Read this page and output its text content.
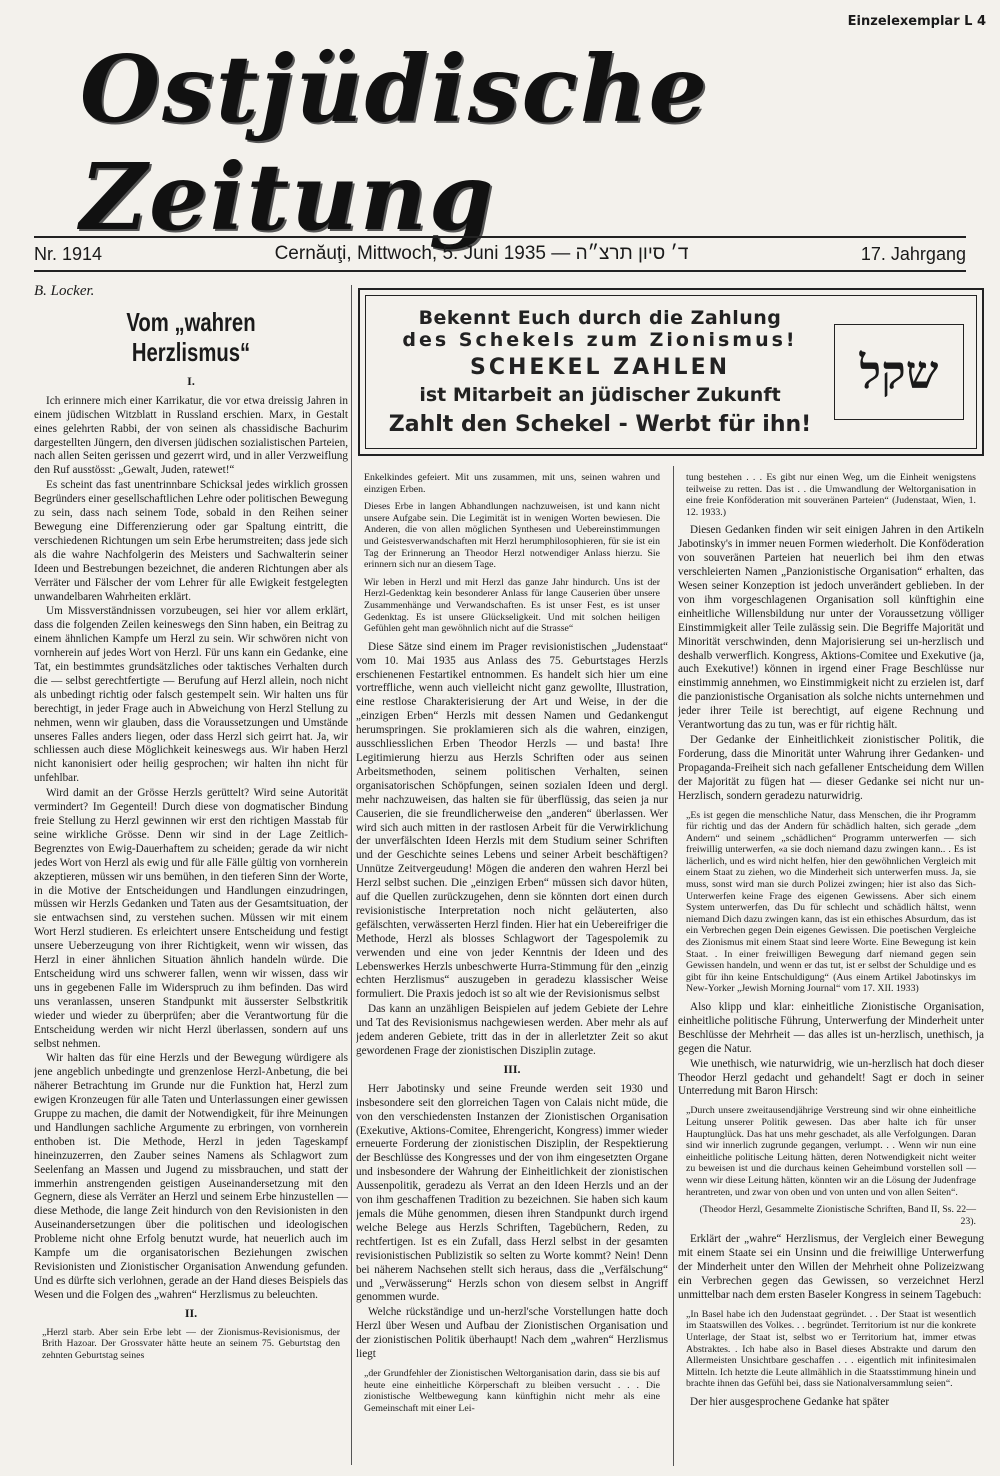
Einzelexemplar L 4
Ostjüdische Zeitung
Nr. 1914	Cernăuţi, Mittwoch, 5. Juni 1935 — ד׳ סיון תרצ״ה	17. Jahrgang
B. Locker.
Vom „wahren Herzlismus“
I.

Ich erinnere mich einer Karrikatur, die vor etwa dreissig Jahren in einem jüdischen Witzblatt in Russland erschien. Marx, in Gestalt eines gelehrten Rabbi, der von seinen als chassidische Bachurim dargestellten Jüngern, den diversen jüdischen sozialistischen Parteien, nach allen Seiten gerissen und gezerrt wird, und in aller Verzweiflung den Ruf ausstösst: „Gewalt, Juden, ratewet!“

Es scheint das fast unentrinnbare Schicksal jedes wirklich grossen Begründers einer gesellschaftlichen Lehre oder politischen Bewegung zu sein, dass nach seinem Tode, sobald in den Reihen seiner Bewegung eine Differenzierung oder gar Spaltung eintritt, die verschiedenen Richtungen um sein Erbe herumstreiten; dass jede sich als die wahre Nachfolgerin des Meisters und Sachwalterin seiner Ideen und Bestrebungen bezeichnet, die anderen Richtungen aber als Verräter und Fälscher der vom Lehrer für alle Ewigkeit festgelegten unwandelbaren Wahrheiten erklärt.

Um Missverständnissen vorzubeugen, sei hier vor allem erklärt, dass die folgenden Zeilen keineswegs den Sinn haben, ein Beitrag zu einem ähnlichen Kampfe um Herzl zu sein. Wir schwören nicht von vornherein auf jedes Wort von Herzl. Für uns kann ein Gedanke, eine Tat, ein bestimmtes grundsätzliches oder taktisches Verhalten durch die — selbst gerechtfertigte — Berufung auf Herzl allein, noch nicht als unbedingt richtig oder falsch gestempelt sein. Wir halten uns für berechtigt, in jeder Frage auch in Abweichung von Herzl Stellung zu nehmen, wenn wir glauben, dass die Voraussetzungen und Umstände unseres Falles anders liegen, oder dass Herzl sich geirrt hat. Ja, wir schliessen auch diese Möglichkeit keineswegs aus. Wir haben Herzl nicht kanonisiert oder heilig gesprochen; wir halten ihn nicht für unfehlbar.

Wird damit an der Grösse Herzls gerüttelt? Wird seine Autorität vermindert? Im Gegenteil! Durch diese von dogmatischer Bindung freie Stellung zu Herzl gewinnen wir erst den richtigen Masstab für seine wirkliche Grösse. Denn wir sind in der Lage Zeitlich-Begrenztes von Ewig-Dauerhaftem zu scheiden; gerade da wir nicht jedes Wort von Herzl als ewig und für alle Fälle gültig von vornherein akzeptieren, müssen wir uns bemühen, in den tieferen Sinn der Worte, in die Motive der Entscheidungen und Handlungen einzudringen, müssen wir Herzls Gedanken und Taten aus der Gesamtsituation, der sie entwachsen sind, zu verstehen suchen. Müssen wir mit einem Wort Herzl studieren. Es erleichtert unsere Entscheidung und festigt unsere Ueberzeugung von ihrer Richtigkeit, wenn wir wissen, das Herzl in einer ähnlichen Situation ähnlich handeln würde. Die Entscheidung wird uns schwerer fallen, wenn wir wissen, dass wir uns in gegebenen Falle im Widerspruch zu ihm befinden. Das wird uns veranlassen, unseren Standpunkt mit äusserster Selbstkritik wieder und wieder zu überprüfen; aber die Verantwortung für die Entscheidung werden wir nicht Herzl überlassen, sondern auf uns selbst nehmen.

Wir halten das für eine Herzls und der Bewegung würdigere als jene angeblich unbedingte und grenzenlose Herzl-Anbetung, die bei näherer Betrachtung im Grunde nur die Funktion hat, Herzl zum ewigen Kronzeugen für alle Taten und Unterlassungen einer gewissen Gruppe zu machen, die damit der Notwendigkeit, für ihre Meinungen und Handlungen sachliche Argumente zu erbringen, von vornherein enthoben ist. Die Methode, Herzl in jeden Tageskampf hineinzuzerren, den Zauber seines Namens als Schlagwort zum Seelenfang an Massen und Jugend zu missbrauchen, und statt der immerhin anstrengenden geistigen Auseinandersetzung mit den Gegnern, diese als Verräter an Herzl und seinem Erbe hinzustellen — diese Methode, die lange Zeit hindurch von den Revisionisten in den Auseinandersetzungen über die politischen und ideologischen Probleme nicht ohne Erfolg benutzt wurde, hat neuerlich auch im Kampfe um die organisatorischen Beziehungen zwischen Revisionisten und Zionistischer Organisation Anwendung gefunden. Und es dürfte sich verlohnen, gerade an der Hand dieses Beispiels das Wesen und die Folgen des „wahren“ Herzlismus zu beleuchten.

II.

„Herzl starb. Aber sein Erbe lebt — der Zionismus-Revisionismus, der Brith Hazoar. Der Grossvater hätte heute an seinem 75. Geburtstag den zehnten Geburtstag seines

Bekennt Euch durch die Zahlung
des Schekels zum Zionismus!
SCHEKEL ZAHLEN
ist Mitarbeit an jüdischer Zukunft
Zahlt den Schekel - Werbt für ihn!
שקל

Enkelkindes gefeiert. Mit uns zusammen, mit uns, seinen wahren und einzigen Erben.

Dieses Erbe in langen Abhandlungen nachzuweisen, ist und kann nicht unsere Aufgabe sein. Die Legimität ist in wenigen Worten bewiesen. Die Anderen, die von allen möglichen Synthesen und Uebereinstimmungen und Geistesverwandschaften mit Herzl herumphilosophieren, für sie ist ein Tag der Erinnerung an Theodor Herzl notwendiger Anlass hierzu. Sie erinnern sich nur an diesem Tage.

Wir leben in Herzl und mit Herzl das ganze Jahr hindurch. Uns ist der Herzl-Gedenktag kein besonderer Anlass für lange Causerien über unsere Zusammenhänge und Verwandschaften. Es ist unser Fest, es ist unser Gedenktag. Es ist unsere Glückseligkeit. Und mit solchen heiligen Gefühlen geht man gewöhnlich nicht auf die Strasse“

Diese Sätze sind einem im Prager revisionistischen „Judenstaat“ vom 10. Mai 1935 aus Anlass des 75. Geburtstages Herzls erschienenen Festartikel entnommen. Es handelt sich hier um eine vortreffliche, wenn auch vielleicht nicht ganz gewollte, Illustration, eine restlose Charakterisierung der Art und Weise, in der die „einzigen Erben“ Herzls mit dessen Namen und Gedankengut herumspringen. Sie proklamieren sich als die wahren, einzigen, ausschliesslichen Erben Theodor Herzls — und basta! Ihre Legitimierung hierzu aus Herzls Schriften oder aus seinen Arbeitsmethoden, seinem politischen Verhalten, seinen organisatorischen Schöpfungen, seinen sozialen Ideen und dergl. mehr nachzuweisen, das halten sie für überflüssig, das seien ja nur Causerien, die sie freundlicherweise den „anderen“ überlassen. Wer wird sich auch mitten in der rastlosen Arbeit für die Verwirklichung der unverfälschten Ideen Herzls mit dem Studium seiner Schriften und der Geschichte seines Lebens und seiner Arbeit beschäftigen? Unnütze Zeitvergeudung! Mögen die anderen den wahren Herzl bei Herzl selbst suchen. Die „einzigen Erben“ müssen sich davor hüten, auf die Quellen zurückzugehen, denn sie könnten dort einen durch revisionistische Interpretation noch nicht geläuterten, also gefälschten, verwässerten Herzl finden. Hier hat ein Uebereifriger die Methode, Herzl als blosses Schlagwort der Tagespolemik zu verwenden und eine von jeder Kenntnis der Ideen und des Lebenswerkes Herzls unbeschwerte Hurra-Stimmung für den „einzig echten Herzlismus“ auszugeben in geradezu klassischer Weise formuliert. Die Praxis jedoch ist so alt wie der Revisionismus selbst

Das kann an unzähligen Beispielen auf jedem Gebiete der Lehre und Tat des Revisionismus nachgewiesen werden. Aber mehr als auf jedem anderen Gebiete, tritt das in der in allerletzter Zeit so akut gewordenen Frage der zionistischen Disziplin zutage.

III.

Herr Jabotinsky und seine Freunde werden seit 1930 und insbesondere seit den glorreichen Tagen von Calais nicht müde, die von den verschiedensten Instanzen der Zionistischen Organisation (Exekutive, Aktions-Comitee, Ehrengericht, Kongress) immer wieder erneuerte Forderung der zionistischen Disziplin, der Respektierung der Beschlüsse des Kongresses und der von ihm eingesetzten Organe und insbesondere der Wahrung der Einheitlichkeit der zionistischen Aussenpolitik, geradezu als Verrat an den Ideen Herzls und an der von ihm geschaffenen Tradition zu bezeichnen. Sie haben sich kaum jemals die Mühe genommen, diesen ihren Standpunkt durch irgend welche Belege aus Herzls Schriften, Tagebüchern, Reden, zu rechtfertigen. Ist es ein Zufall, dass Herzl selbst in der gesamten revisionistischen Publizistik so selten zu Worte kommt? Nein! Denn bei näherem Nachsehen stellt sich heraus, dass die „Verfälschung“ und „Verwässerung“ Herzls schon von diesem selbst in Angriff genommen wurde.

Welche rückständige und un-herzl'sche Vorstellungen hatte doch Herzl über Wesen und Aufbau der Zionistischen Organisation und der zionistischen Politik überhaupt! Nach dem „wahren“ Herzlismus liegt

„der Grundfehler der Zionistischen Weltorganisation darin, dass sie bis auf heute eine einheitliche Körperschaft zu bleiben versucht . . . Die zionistische Weltbewegung kann künftighin nicht mehr als eine Gemeinschaft mit einer Lei-

tung bestehen . . . Es gibt nur einen Weg, um die Einheit wenigstens teilweise zu retten. Das ist . . die Umwandlung der Weltorganisation in eine freie Konföderation mit souveränen Parteien“ (Judenstaat, Wien, 1. 12. 1933.)

Diesen Gedanken finden wir seit einigen Jahren in den Artikeln Jabotinsky's in immer neuen Formen wiederholt. Die Konföderation von souveränen Parteien hat neuerlich bei ihm den etwas verschleierten Namen „Panzionistische Organisation“ erhalten, das Wesen seiner Konzeption ist jedoch unverändert geblieben. In der von ihm vorgeschlagenen Organisation soll künftighin eine einheitliche Willensbildung nur unter der Voraussetzung völliger Einstimmigkeit aller Teile zulässig sein. Die Begriffe Majorität und Minorität verschwinden, denn Majorisierung sei un-herzlisch und deshalb verwerflich. Kongress, Aktions-Comitee und Exekutive (ja, auch Exekutive!) können in irgend einer Frage Beschlüsse nur einstimmig annehmen, wo Einstimmigkeit nicht zu erzielen ist, darf die panzionistische Organisation als solche nichts unternehmen und jeder ihrer Teile ist berechtigt, auf eigene Rechnung und Verantwortung das zu tun, was er für richtig hält.

Der Gedanke der Einheitlichkeit zionistischer Politik, die Forderung, dass die Minorität unter Wahrung ihrer Gedanken- und Propaganda-Freiheit sich nach gefallener Entscheidung dem Willen der Majorität zu fügen hat — dieser Gedanke sei nicht nur un-Herzlisch, sondern geradezu naturwidrig.

„Es ist gegen die menschliche Natur, dass Menschen, die ihr Programm für richtig und das der Andern für schädlich halten, sich gerade „dem Andern“ und seinem „schädlichen“ Programm unterwerfen — sich freiwillig unterwerfen, «a sie doch niemand dazu zwingen kann.. . Es ist lächerlich, und es wird nicht helfen, hier den gewöhnlichen Vergleich mit einem Staat zu ziehen, wo die Minderheit sich unterwerfen muss. Ja, sie muss, sonst wird man sie durch Polizei zwingen; hier ist also das Sich-Unterwerfen keine Frage des eigenen Gewissens. Aber sich einem System unterwerfen, das Du für schlecht und schädlich hältst, wenn niemand Dich dazu zwingen kann, das ist ein ethisches Absurdum, das ist ein Verbrechen gegen Dein eigenes Gewissen. Die poetischen Vergleiche des Zionismus mit einem Staat sind leere Worte. Eine Bewegung ist kein Staat. . In einer freiwilligen Bewegung darf niemand gegen sein Gewissen handeln, und wenn er das tut, ist er selbst der Schuldige und es gibt für ihn keine Entschuldigung“ (Aus einem Artikel Jabotinskys im New-Yorker „Jewish Morning Journal“ vom 17. XII. 1933)

Also klipp und klar: einheitliche Zionistische Organisation, einheitliche politische Führung, Unterwerfung der Minderheit unter Beschlüsse der Mehrheit — das alles ist un-herzlisch, unethisch, ja gegen die Natur.

Wie unethisch, wie naturwidrig, wie un-herzlisch hat doch dieser Theodor Herzl gedacht und gehandelt! Sagt er doch in seiner Unterredung mit Baron Hirsch:

„Durch unsere zweitausendjährige Verstreung sind wir ohne einheitliche Leitung unserer Politik gewesen. Das aber halte ich für unser Hauptunglück. Das hat uns mehr geschadet, als alle Verfolgungen. Daran sind wir innerlich zugrunde gegangen, verlumpt. . . Wenn wir nun eine einheitliche politische Leitung hätten, deren Notwendigkeit nicht weiter zu beweisen ist und die durchaus keinen Geheimbund vorstellen soll — wenn wir diese Leitung hätten, könnten wir an die Lösung der Judenfrage herantreten, und zwar von oben und von unten und von allen Seiten“.

(Theodor Herzl, Gesammelte Zionistische Schriften, Band II, Ss. 22—23).

Erklärt der „wahre“ Herzlismus, der Vergleich einer Bewegung mit einem Staate sei ein Unsinn und die freiwillige Unterwerfung der Minderheit unter den Willen der Mehrheit ohne Polizeizwang ein Verbrechen gegen das Gewissen, so verzeichnet Herzl unmittelbar nach dem ersten Baseler Kongress in seinem Tagebuch:

„In Basel habe ich den Judenstaat gegründet. . . Der Staat ist wesentlich im Staatswillen des Volkes. . . begründet. Territorium ist nur die konkrete Unterlage, der Staat ist, selbst wo er Territorium hat, immer etwas Abstraktes. . Ich habe also in Basel dieses Abstrakte und darum den Allermeisten Unsichtbare geschaffen . . . eigentlich mit infinitesimalen Mitteln. Ich hetzte die Leute allmählich in die Staatsstimmung hinein und brachte ihnen das Gefühl bei, dass sie Nationalversammlung seien“.

Der hier ausgesprochene Gedanke hat später
